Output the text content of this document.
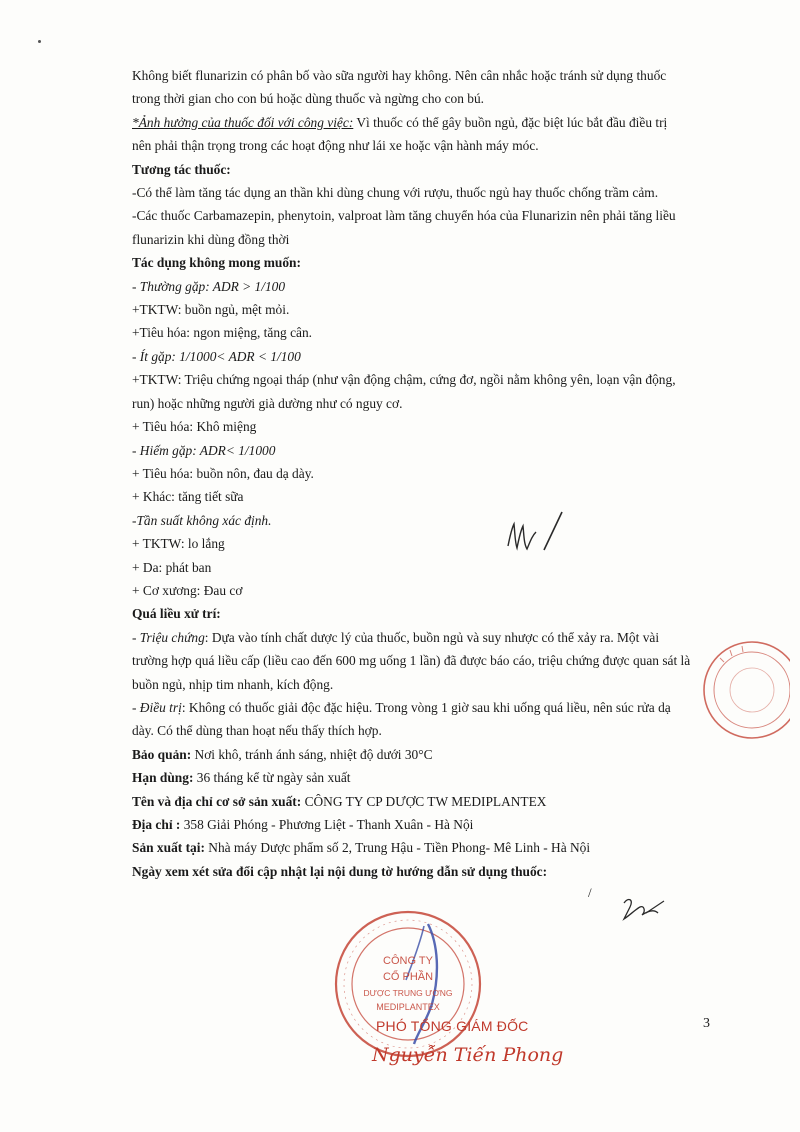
Không biết flunarizin có phân bố vào sữa người hay không. Nên cân nhắc hoặc tránh sử dụng thuốc

trong thời gian cho con bú hoặc dùng thuốc và ngừng cho con bú.

*Ảnh hưởng của thuốc đối với công việc: Vì thuốc có thể gây buồn ngủ, đặc biệt lúc bắt đầu điều trị

nên phải thận trọng trong các hoạt động như lái xe hoặc vận hành máy móc.

Tương tác thuốc:

-Có thể làm tăng tác dụng an thần khi dùng chung với rượu, thuốc ngủ hay thuốc chống trầm cảm.

-Các thuốc Carbamazepin, phenytoin, valproat làm tăng chuyển hóa của Flunarizin nên phải tăng liều

flunarizin khi dùng đồng thời

Tác dụng không mong muốn:

- Thường gặp: ADR > 1/100

+TKTW: buồn ngủ, mệt mỏi.

+Tiêu hóa: ngon miệng, tăng cân.

- Ít gặp: 1/1000< ADR < 1/100

+TKTW: Triệu chứng ngoại tháp (như vận động chậm, cứng đơ, ngồi nằm không yên, loạn vận động,

run) hoặc những người già dường như có nguy cơ.

+ Tiêu hóa: Khô miệng

- Hiếm gặp: ADR< 1/1000

+ Tiêu hóa: buồn nôn, đau dạ dày.

+ Khác: tăng tiết sữa

-Tần suất không xác định.

+ TKTW: lo lắng

+ Da: phát ban

+ Cơ xương: Đau cơ

Quá liều xử trí:

- Triệu chứng: Dựa vào tính chất dược lý của thuốc, buồn ngủ và suy nhược có thể xảy ra. Một vài

trường hợp quá liều cấp (liều cao đến 600 mg uống 1 lần) đã được báo cáo, triệu chứng được quan sát là

buồn ngủ, nhịp tim nhanh, kích động.

- Điều trị: Không có thuốc giải độc đặc hiệu. Trong vòng 1 giờ sau khi uống quá liều, nên súc rửa dạ

dày. Có thể dùng than hoạt nếu thấy thích hợp.

Bảo quản: Nơi khô, tránh ánh sáng, nhiệt độ dưới 30°C

Hạn dùng: 36 tháng kể từ ngày sản xuất

Tên và địa chỉ cơ sở sản xuất: CÔNG TY CP DƯỢC TW MEDIPLANTEX

Địa chỉ : 358 Giải Phóng - Phương Liệt - Thanh Xuân - Hà Nội

Sản xuất tại: Nhà máy Dược phẩm số 2, Trung Hậu - Tiền Phong- Mê Linh - Hà Nội

Ngày xem xét sửa đổi cập nhật lại nội dung tờ hướng dẫn sử dụng thuốc:

/
CÔNG TY
CỔ PHẦN
DƯỢC TRUNG ƯƠNG
MEDIPLANTEX
PHÓ TỔNG GIÁM ĐỐC
Nguyễn Tiến Phong
3
